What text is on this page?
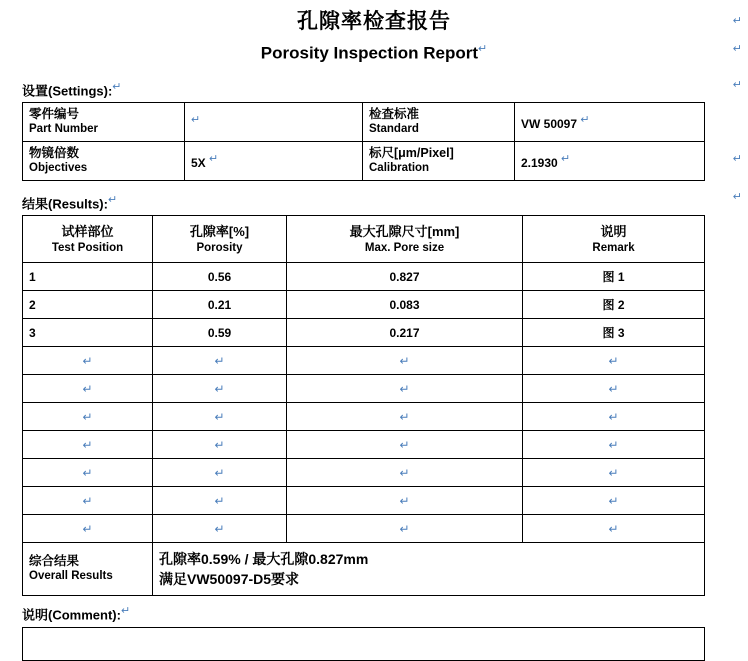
↵
↵
↵
↵
↵
孔隙率检查报告
Porosity Inspection Report↵
设置(Settings):↵
零件编号
Part Number	↵	检查标准
Standard	VW 50097 ↵

物镜倍数
Objectives	5X ↵	标尺[μm/Pixel]
Calibration	2.1930 ↵
结果(Results):↵
试样部位
Test Position	孔隙率[%]
Porosity	最大孔隙尺寸[mm]
Max. Pore size	说明
Remark

1	0.56	0.827	图 1
2	0.21	0.083	图 2
3	0.59	0.217	图 3
↵	↵	↵	↵
↵	↵	↵	↵
↵	↵	↵	↵
↵	↵	↵	↵
↵	↵	↵	↵
↵	↵	↵	↵
↵	↵	↵	↵

综合结果
Overall Results

孔隙率0.59% / 最大孔隙0.827mm
满足VW50097-D5要求
说明(Comment):↵
